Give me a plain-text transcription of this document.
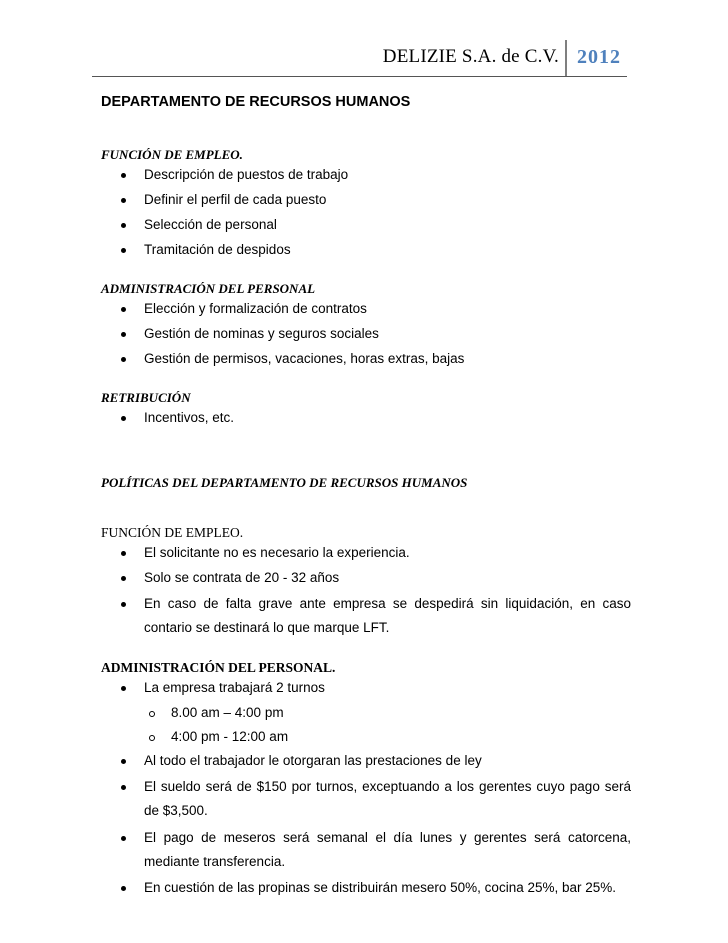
DELIZIE S.A. de C.V. 2012
DEPARTAMENTO DE RECURSOS HUMANOS
FUNCIÓN DE EMPLEO.
Descripción de puestos de trabajo
Definir el perfil de cada puesto
Selección de personal
Tramitación de despidos
ADMINISTRACIÓN DEL PERSONAL
Elección y formalización de contratos
Gestión de nominas y seguros sociales
Gestión de permisos, vacaciones, horas extras, bajas
RETRIBUCIÓN
Incentivos, etc.
POLÍTICAS DEL DEPARTAMENTO DE RECURSOS HUMANOS
FUNCIÓN DE EMPLEO.
El solicitante no es necesario la experiencia.
Solo se contrata de 20 - 32 años
En caso de falta grave ante empresa se despedirá sin liquidación, en caso contario se destinará lo que marque LFT.
ADMINISTRACIÓN DEL PERSONAL.
La empresa trabajará 2 turnos
8.00 am – 4:00 pm
4:00 pm - 12:00 am
Al todo el trabajador le otorgaran las prestaciones de ley
El sueldo será de $150 por turnos, exceptuando a los gerentes cuyo pago será de $3,500.
El pago de meseros será semanal el día lunes y gerentes será catorcena, mediante transferencia.
En cuestión de las propinas se distribuirán mesero 50%, cocina 25%, bar 25%.
